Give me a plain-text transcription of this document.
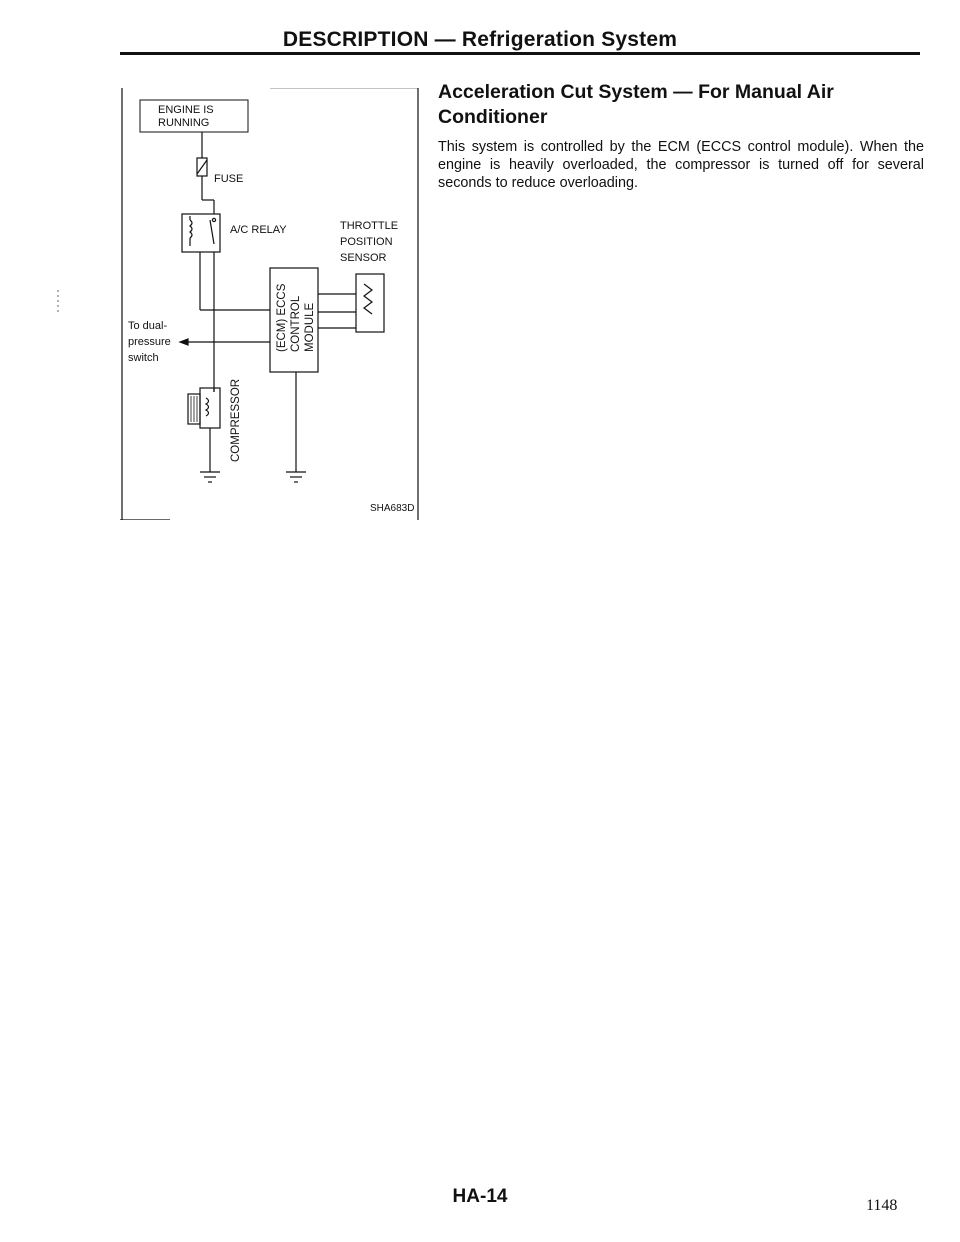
DESCRIPTION — Refrigeration System
ENGINE IS
RUNNING
FUSE
A/C RELAY	THROTTLE
POSITION
SENSOR
(ECM) ECCS CONTROL MODULE
To dual-
pressure
switch
COMPRESSOR
SHA683D
Acceleration Cut System — For Manual Air Conditioner
This system is controlled by the ECM (ECCS control module). When the engine is heavily overloaded, the compressor is turned off for several seconds to reduce overloading.
HA-14	1148
